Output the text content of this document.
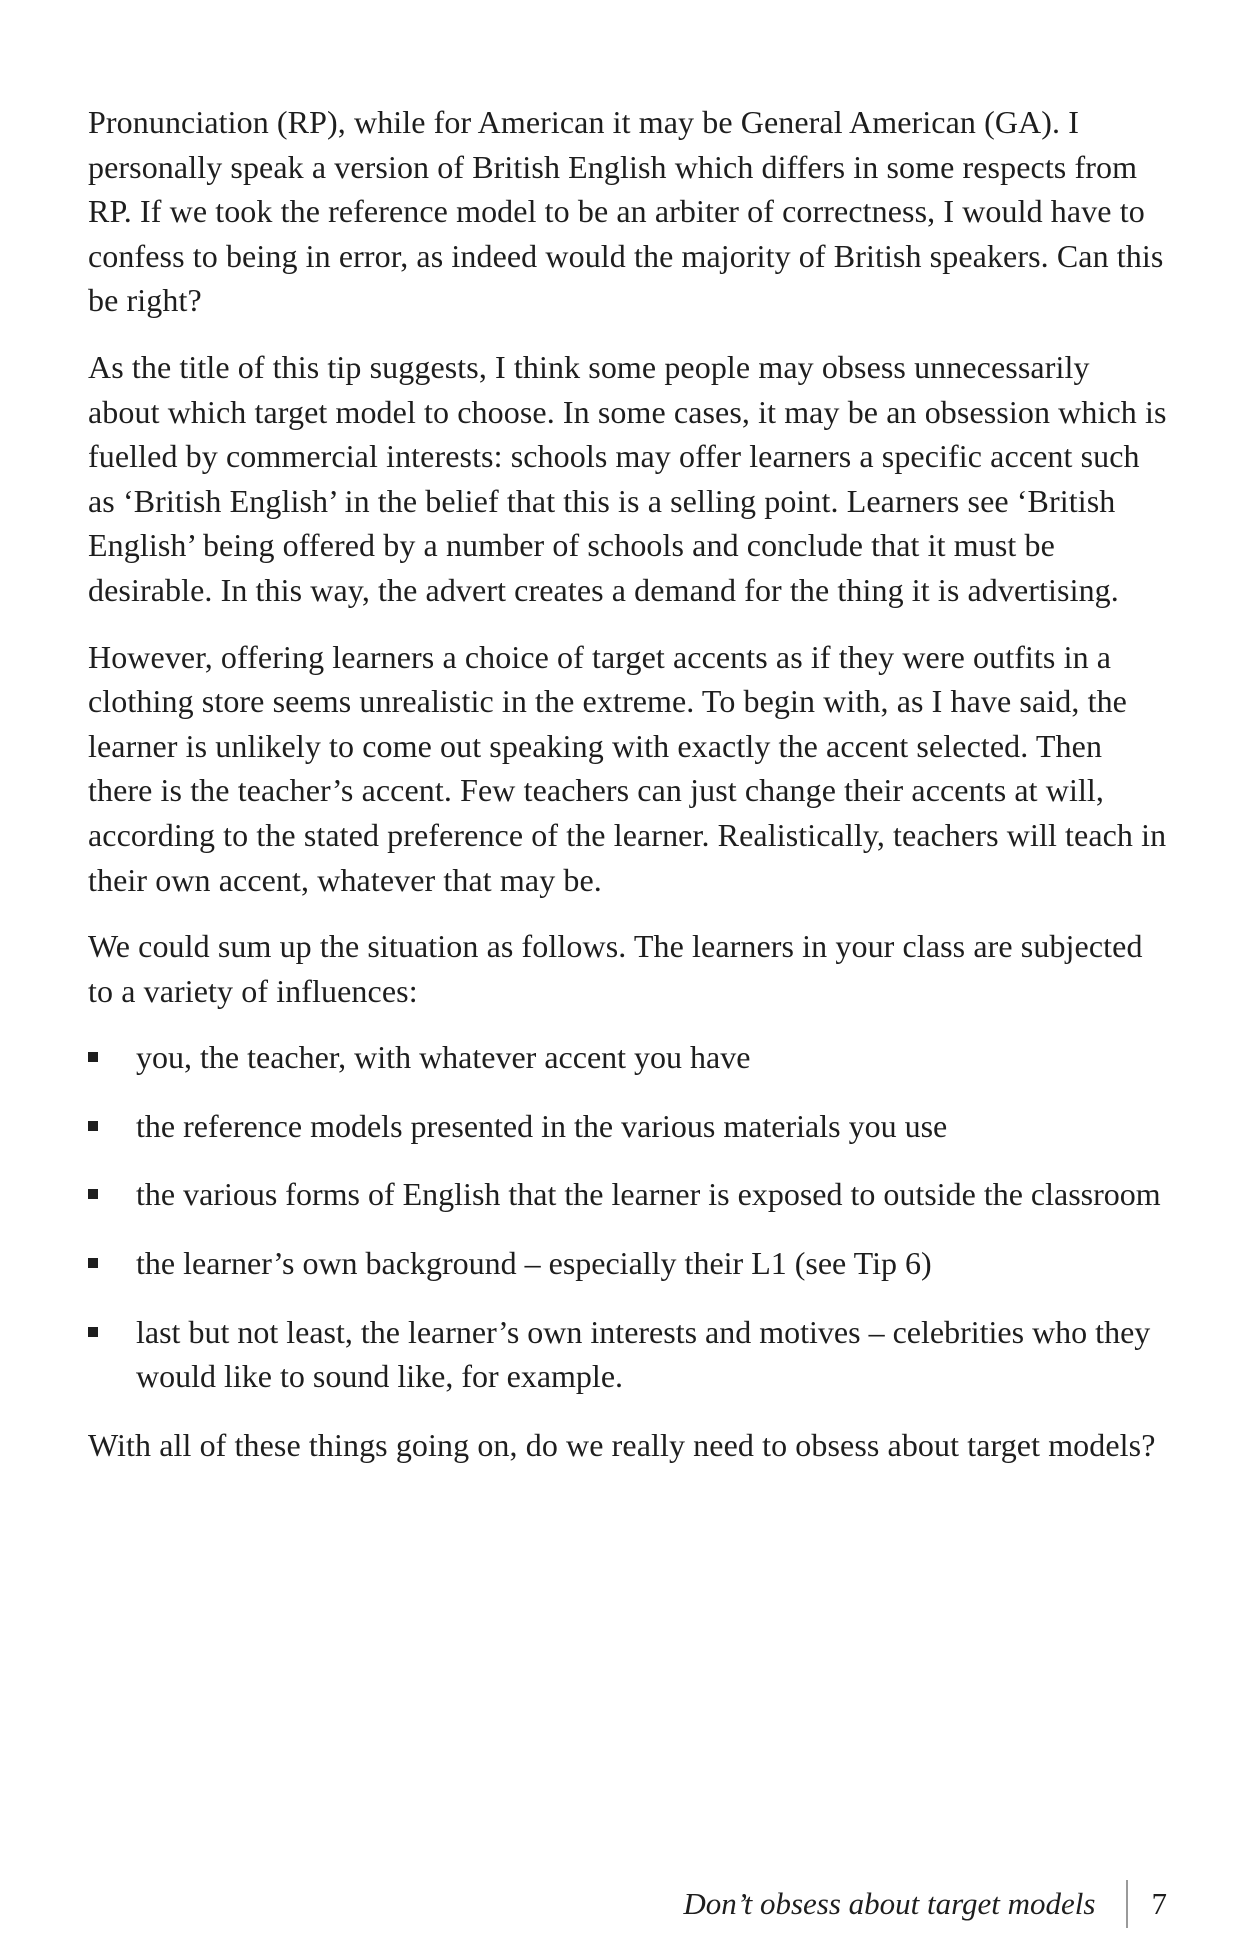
Pronunciation (RP), while for American it may be General American (GA). I personally speak a version of British English which differs in some respects from RP. If we took the reference model to be an arbiter of correctness, I would have to confess to being in error, as indeed would the majority of British speakers. Can this be right?

As the title of this tip suggests, I think some people may obsess unnecessarily about which target model to choose. In some cases, it may be an obsession which is fuelled by commercial interests: schools may offer learners a specific accent such as ‘British English’ in the belief that this is a selling point. Learners see ‘British English’ being offered by a number of schools and conclude that it must be desirable. In this way, the advert creates a demand for the thing it is advertising.

However, offering learners a choice of target accents as if they were outfits in a clothing store seems unrealistic in the extreme. To begin with, as I have said, the learner is unlikely to come out speaking with exactly the accent selected. Then there is the teacher’s accent. Few teachers can just change their accents at will, according to the stated preference of the learner. Realistically, teachers will teach in their own accent, whatever that may be.

We could sum up the situation as follows. The learners in your class are subjected to a variety of influences:

you, the teacher, with whatever accent you have
the reference models presented in the various materials you use
the various forms of English that the learner is exposed to outside the classroom
the learner’s own background – especially their L1 (see Tip 6)
last but not least, the learner’s own interests and motives – celebrities who they would like to sound like, for example.

With all of these things going on, do we really need to obsess about target models?

Don’t obsess about target models 7
